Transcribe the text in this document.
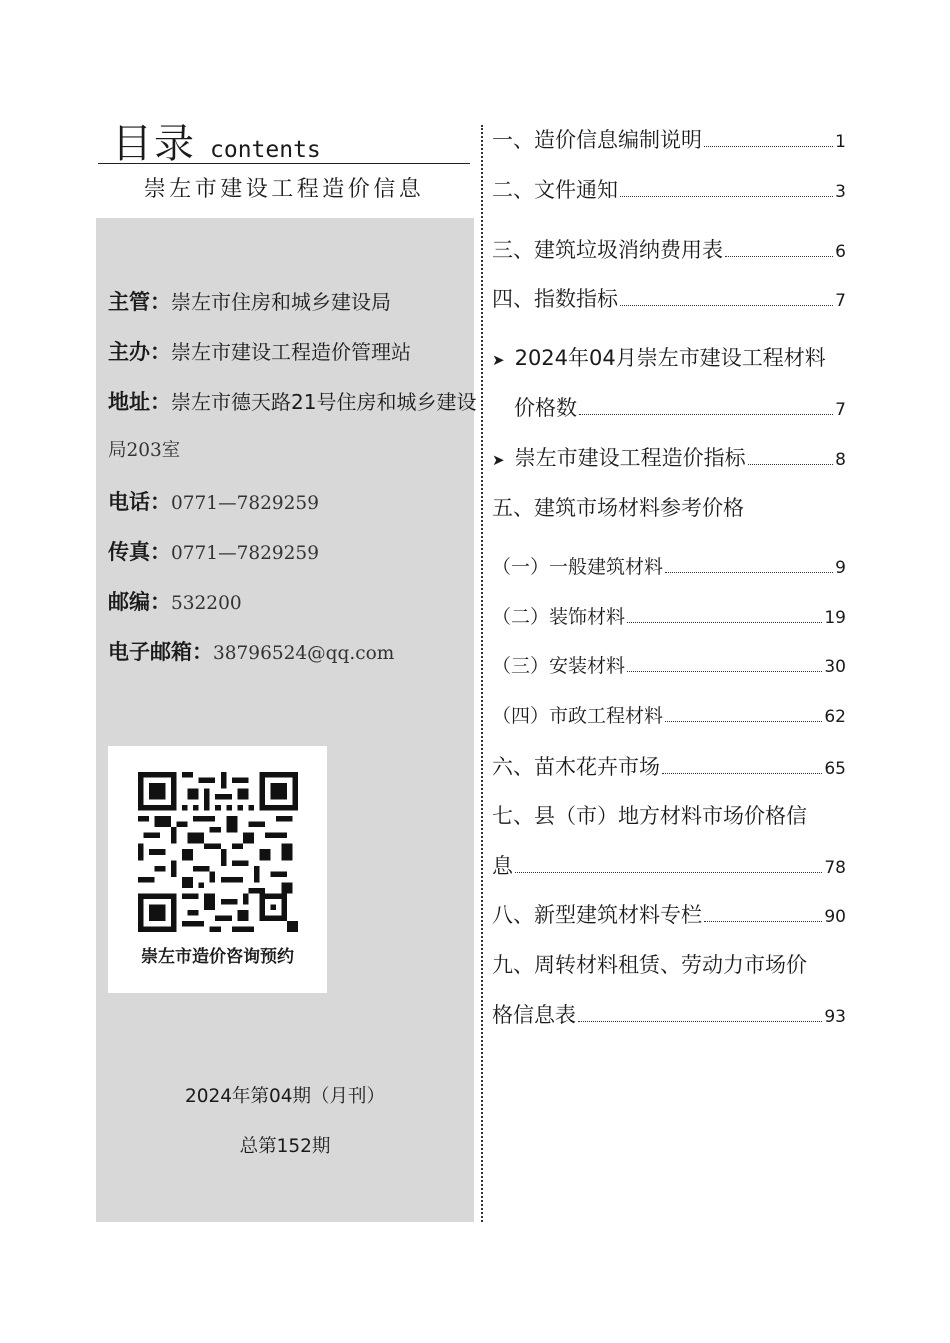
目录 contents
崇左市建设工程造价信息
主管：崇左市住房和城乡建设局
主办：崇左市建设工程造价管理站
地址：崇左市德天路21号住房和城乡建设
局203室
电话：0771—7829259
传真：0771—7829259
邮编：532200
电子邮箱：38796524@qq.com
崇左市造价咨询预约
2024年第04期（月刊）
总第152期
一、造价信息编制说明	1
二、文件通知	3
三、建筑垃圾消纳费用表	6
四、指数指标	7
➤ 2024年04月崇左市建设工程材料
价格数	7
➤ 崇左市建设工程造价指标	8
五、建筑市场材料参考价格
（一）一般建筑材料	9
（二）装饰材料	19
（三）安装材料	30
（四）市政工程材料	62
六、苗木花卉市场	65
七、县（市）地方材料市场价格信
息	78
八、新型建筑材料专栏	90
九、周转材料租赁、劳动力市场价
格信息表	93
